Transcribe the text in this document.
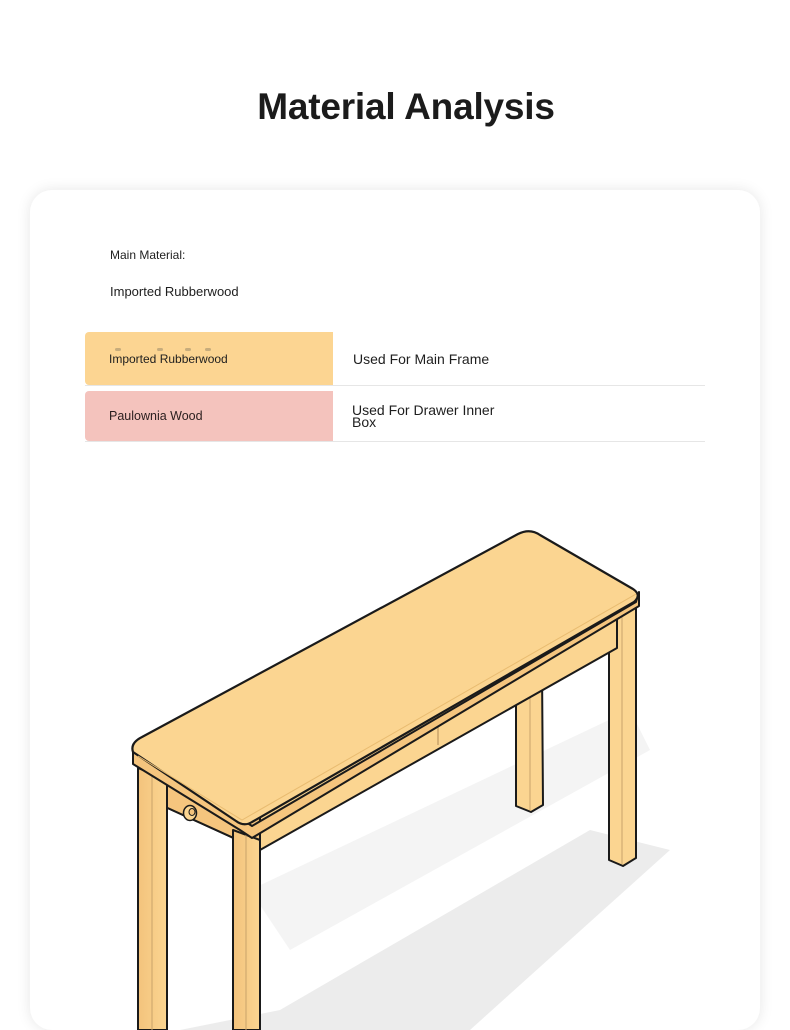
Material Analysis
Main Material:
Imported Rubberwood
Imported Rubberwood	Used For Main Frame
Paulownia Wood	Used For Drawer Inner Box
